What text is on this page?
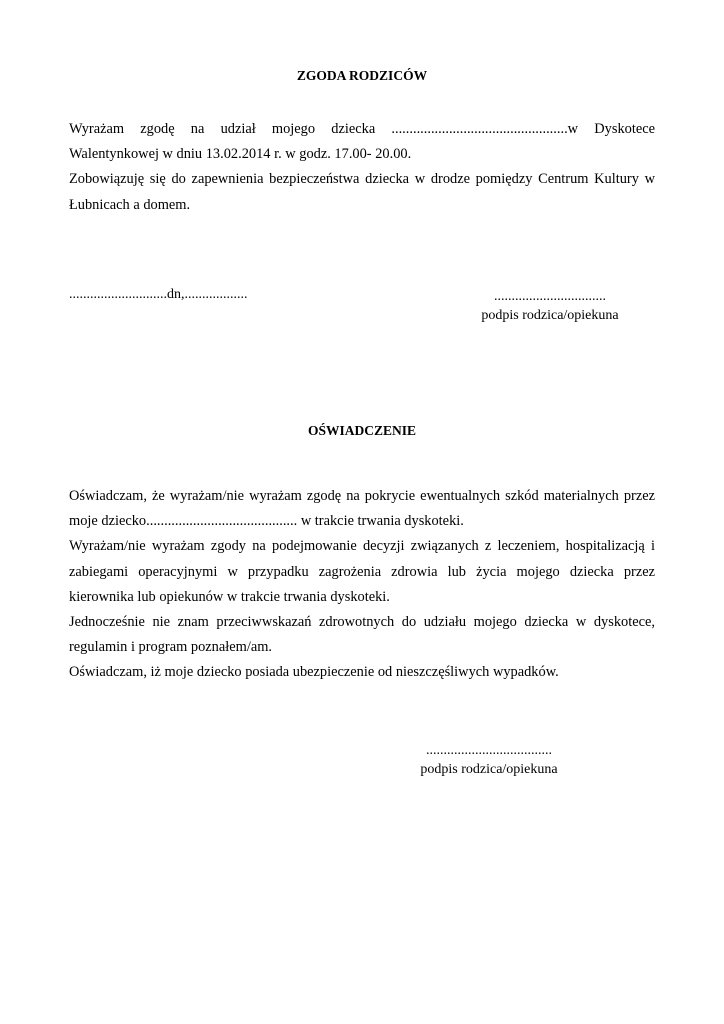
ZGODA RODZICÓW

Wyrażam zgodę na udział mojego dziecka .................................................w Dyskotece Walentynkowej w dniu 13.02.2014 r. w godz. 17.00- 20.00.

Zobowiązuję się do zapewnienia bezpieczeństwa dziecka w drodze pomiędzy Centrum Kultury w Łubnicach a domem.

............................dn,..................	................................
podpis rodzica/opiekuna
OŚWIADCZENIE

Oświadczam, że wyrażam/nie wyrażam zgodę na pokrycie ewentualnych szkód materialnych przez moje dziecko.......................................... w trakcie trwania dyskoteki.

Wyrażam/nie wyrażam zgody na podejmowanie decyzji związanych z leczeniem, hospitalizacją i zabiegami operacyjnymi w przypadku zagrożenia zdrowia lub życia mojego dziecka przez kierownika lub opiekunów w trakcie trwania dyskoteki.

Jednocześnie nie znam przeciwwskazań zdrowotnych do udziału mojego dziecka w dyskotece, regulamin i program poznałem/am.

Oświadczam, iż moje dziecko posiada ubezpieczenie od nieszczęśliwych wypadków.

....................................
podpis rodzica/opiekuna
